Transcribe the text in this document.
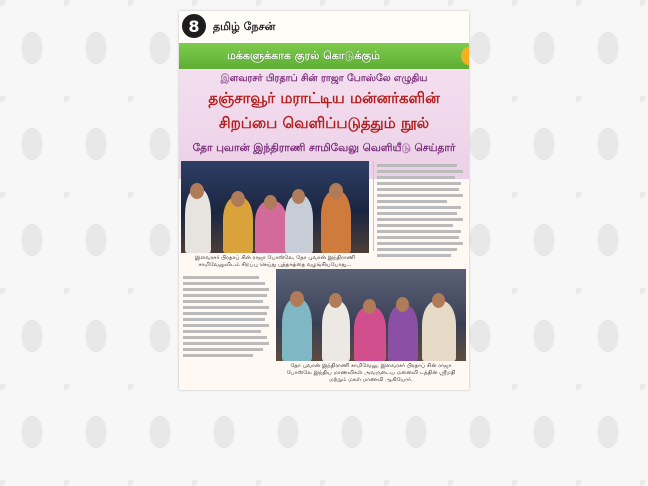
8	தமிழ் நேசன்
மக்களுக்காக குரல் கொடுக்கும்
இளவரசர் பிரதாப் சின் ராஜா போஸ்லே எழுதிய
தஞ்சாவூர் மராட்டிய மன்னர்களின்
சிறப்பை வெளிப்படுத்தும் நூல்
தோ புவான் இந்திராணி சாமிவேலு வெளியீடு செய்தார்
இளவரசர் பிரதாப் சின் ராஜா போஸ்லே, தோ புவான் இந்திராணி சாமிவேலுவிடம் சிறப்பு செய்து புத்தகத்தை வழங்கியபோது...
தோ புவான் இந்திராணி சாமிவேலு, இளவரசர் பிரதாப் சின் ராஜா போஸ்லே இந்திய மாணவிகள் அவருடைய மனைவி டத்தின் ஸ்ரீமதி மற்றும் மகள் மாணவி ஆகியோர்.
